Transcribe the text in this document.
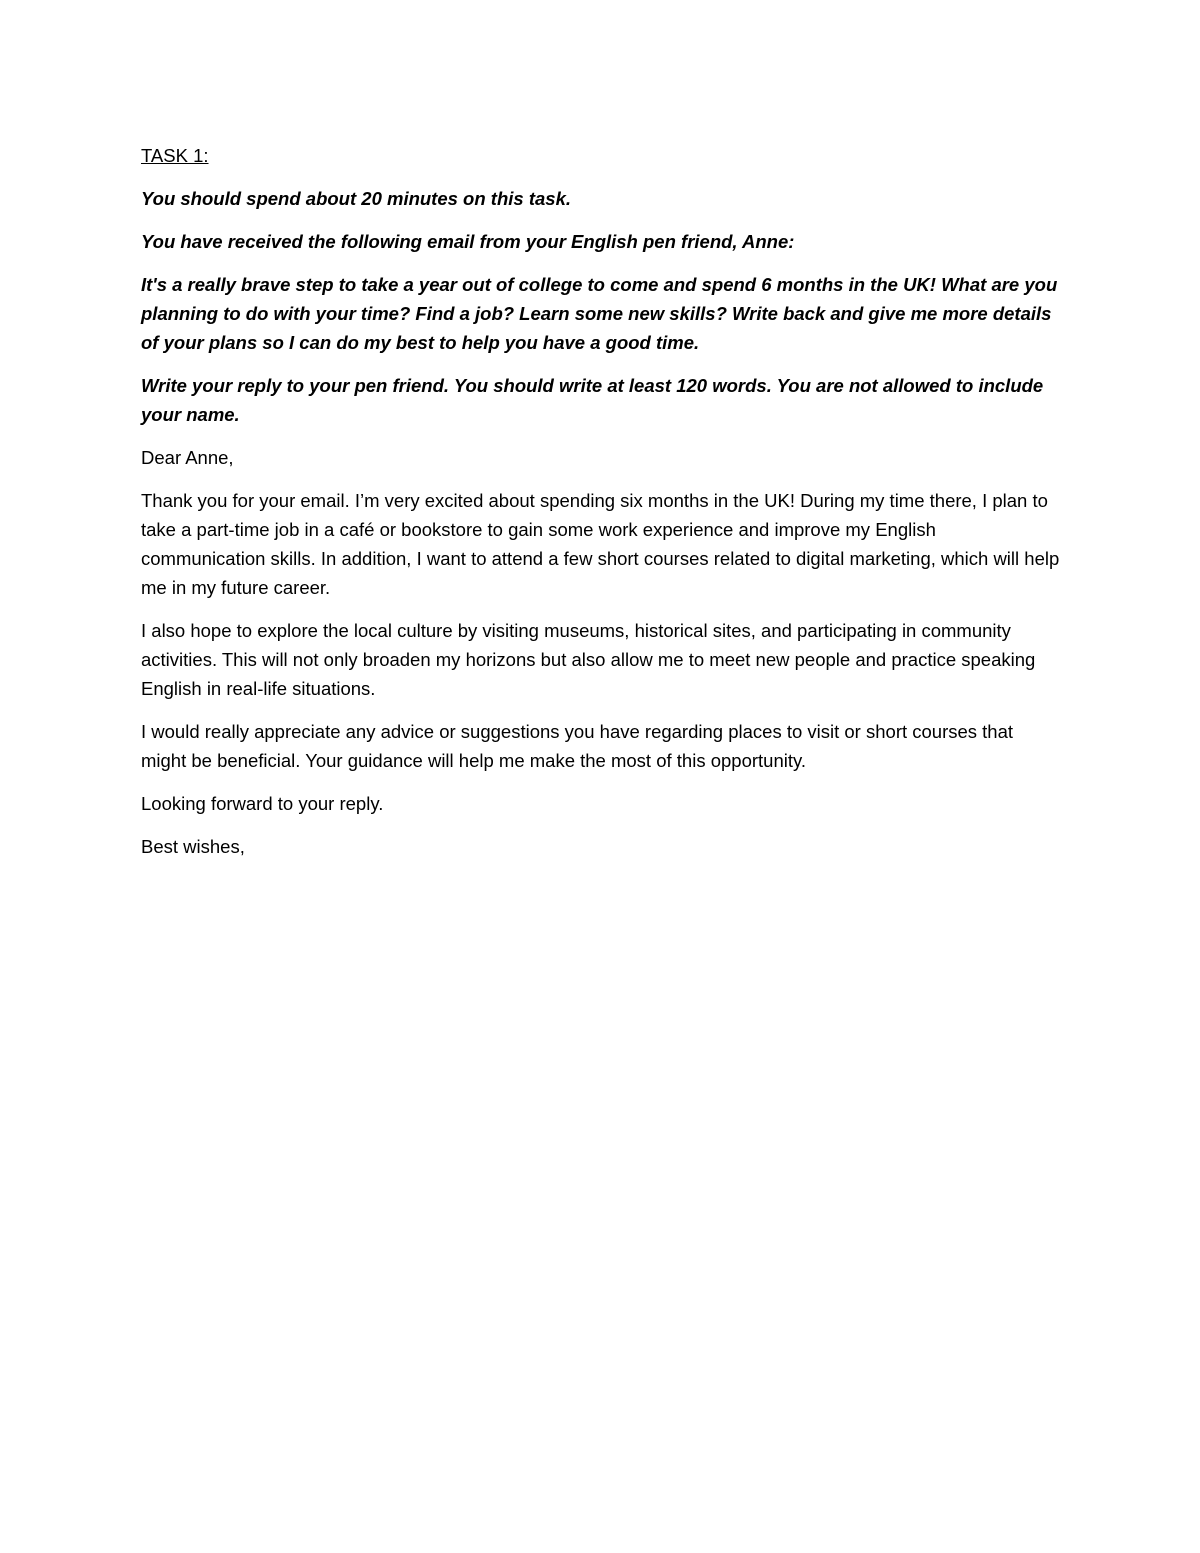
TASK 1:

You should spend about 20 minutes on this task.

You have received the following email from your English pen friend, Anne:

It's a really brave step to take a year out of college to come and spend 6 months in the UK! What are you planning to do with your time? Find a job? Learn some new skills? Write back and give me more details of your plans so I can do my best to help you have a good time.

Write your reply to your pen friend. You should write at least 120 words. You are not allowed to include your name.

Dear Anne,

Thank you for your email. I’m very excited about spending six months in the UK! During my time there, I plan to take a part-time job in a café or bookstore to gain some work experience and improve my English communication skills. In addition, I want to attend a few short courses related to digital marketing, which will help me in my future career.

I also hope to explore the local culture by visiting museums, historical sites, and participating in community activities. This will not only broaden my horizons but also allow me to meet new people and practice speaking English in real-life situations.

I would really appreciate any advice or suggestions you have regarding places to visit or short courses that might be beneficial. Your guidance will help me make the most of this opportunity.

Looking forward to your reply.

Best wishes,
